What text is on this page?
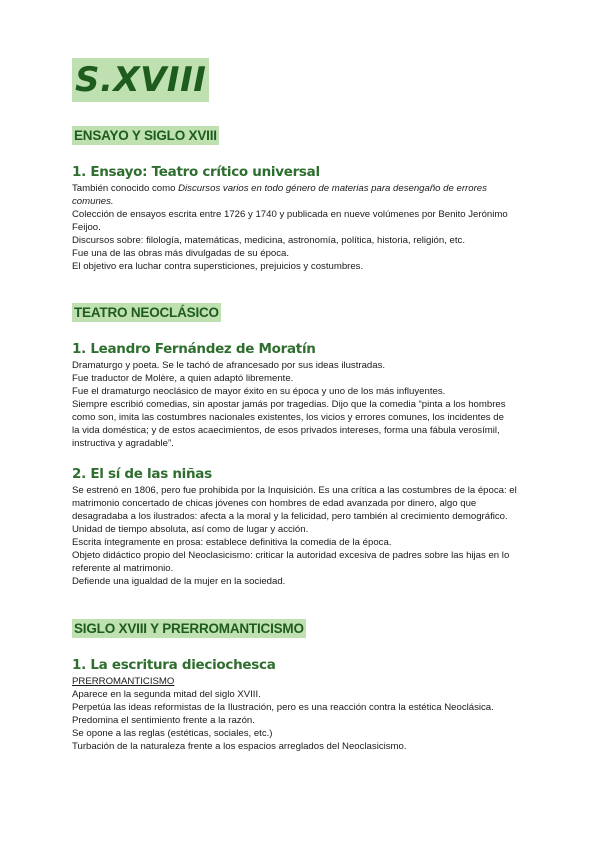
S.XVIII
ENSAYO Y SIGLO XVIII
1. Ensayo: Teatro crítico universal
También conocido como Discursos varios en todo género de materias para desengaño de errores
comunes.
Colección de ensayos escrita entre 1726 y 1740 y publicada en nueve volúmenes por Benito Jerónimo
Feijoo.
Discursos sobre: filología, matemáticas, medicina, astronomía, política, historia, religión, etc.
Fue una de las obras más divulgadas de su época.
El objetivo era luchar contra supersticiones, prejuicios y costumbres.
TEATRO NEOCLÁSICO
1. Leandro Fernández de Moratín
Dramaturgo y poeta. Se le tachó de afrancesado por sus ideas ilustradas.
Fue traductor de Molère, a quien adaptó libremente.
Fue el dramaturgo neoclásico de mayor éxito en su época y uno de los más influyentes.
Siempre escribió comedias, sin apostar jamás por tragedias. Dijo que la comedia “pinta a los hombres
como son, imita las costumbres nacionales existentes, los vicios y errores comunes, los incidentes de
la vida doméstica; y de estos acaecimientos, de esos privados intereses, forma una fábula verosímil,
instructiva y agradable”.
2. El sí de las niñas
Se estrenó en 1806, pero fue prohibida por la Inquisición. Es una crítica a las costumbres de la época: el
matrimonio concertado de chicas jóvenes con hombres de edad avanzada por dinero, algo que
desagradaba a los ilustrados: afecta a la moral y la felicidad, pero también al crecimiento demográfico.
Unidad de tiempo absoluta, así como de lugar y acción.
Escrita íntegramente en prosa: establece definitiva la comedia de la época.
Objeto didáctico propio del Neoclasicismo: criticar la autoridad excesiva de padres sobre las hijas en lo
referente al matrimonio.
Defiende una igualdad de la mujer en la sociedad.
SIGLO XVIII Y PRERROMANTICISMO
1. La escritura dieciochesca
PRERROMANTICISMO
Aparece en la segunda mitad del siglo XVIII.
Perpetúa las ideas reformistas de la Ilustración, pero es una reacción contra la estética Neoclásica.
Predomina el sentimiento frente a la razón.
Se opone a las reglas (estéticas, sociales, etc.)
Turbación de la naturaleza frente a los espacios arreglados del Neoclasicismo.
